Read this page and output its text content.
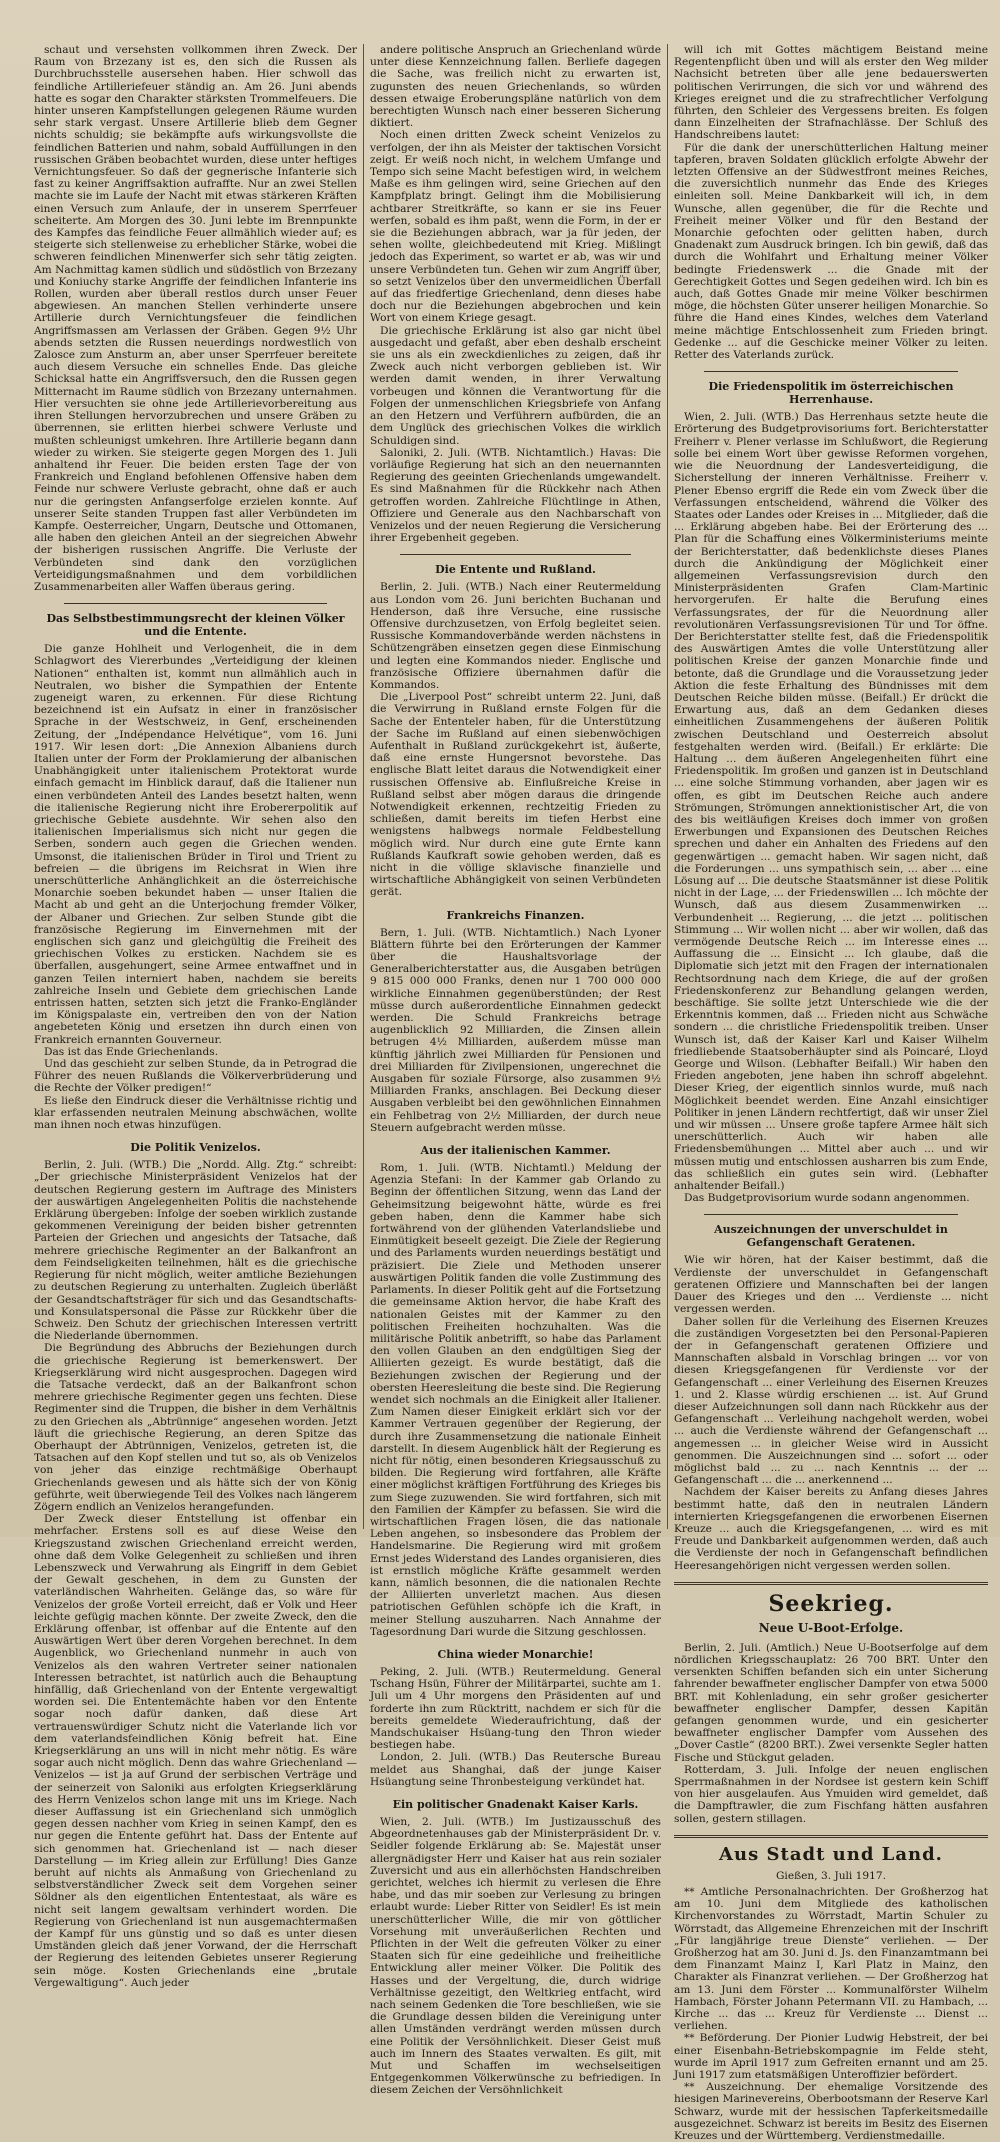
schaut und versehsten vollkommen ihren Zweck. Der Raum von Brzezany ist es, den sich die Russen als Durchbruchsstelle ausersehen haben. Hier schwoll das feindliche Artilleriefeuer ständig an. Am 26. Juni abends hatte es sogar den Charakter stärksten Trommelfeuers. Die hinter unseren Kampfstellungen gelegenen Räume wurden sehr stark vergast. Unsere Artillerie blieb dem Gegner nichts schuldig; sie bekämpfte aufs wirkungsvollste die feindlichen Batterien und nahm, sobald Auffüllungen in den russischen Gräben beobachtet wurden, diese unter heftiges Vernichtungsfeuer. So daß der gegnerische Infanterie sich fast zu keiner Angriffsaktion aufraffte. Nur an zwei Stellen machte sie im Laufe der Nacht mit etwas stärkeren Kräften einen Versuch zum Anlaufe, der in unserem Sperrfeuer scheiterte. Am Morgen des 30. Juni lebte im Brennpunkte des Kampfes das feindliche Feuer allmählich wieder auf; es steigerte sich stellenweise zu erheblicher Stärke, wobei die schweren feindlichen Minenwerfer sich sehr tätig zeigten. Am Nachmittag kamen südlich und südöstlich von Brzezany und Koniuchy starke Angriffe der feindlichen Infanterie ins Rollen, wurden aber überall restlos durch unser Feuer abgewiesen. An manchen Stellen verhinderte unsere Artillerie durch Vernichtungsfeuer die feindlichen Angriffsmassen am Verlassen der Gräben. Gegen 9½ Uhr abends setzten die Russen neuerdings nordwestlich von Zalosce zum Ansturm an, aber unser Sperrfeuer bereitete auch diesem Versuche ein schnelles Ende. Das gleiche Schicksal hatte ein Angriffsversuch, den die Russen gegen Mitternacht im Raume südlich von Brzezany unternahmen. Hier versuchten sie ohne jede Artillerievorbereitung aus ihren Stellungen hervorzubrechen und unsere Gräben zu überrennen, sie erlitten hierbei schwere Verluste und mußten schleunigst umkehren. Ihre Artillerie begann dann wieder zu wirken. Sie steigerte gegen Morgen des 1. Juli anhaltend ihr Feuer. Die beiden ersten Tage der von Frankreich und England befohlenen Offensive haben dem Feinde nur schwere Verluste gebracht, ohne daß er auch nur die geringsten Anfangserfolge erzielen konnte. Auf unserer Seite standen Truppen fast aller Verbündeten im Kampfe. Oesterreicher, Ungarn, Deutsche und Ottomanen, alle haben den gleichen Anteil an der siegreichen Abwehr der bisherigen russischen Angriffe. Die Verluste der Verbündeten sind dank den vorzüglichen Verteidigungsmaßnahmen und dem vorbildlichen Zusammenarbeiten aller Waffen überaus gering.

Das Selbstbestimmungsrecht der kleinen Völker und die Entente.

Die ganze Hohlheit und Verlogenheit, die in dem Schlagwort des Viererbundes „Verteidigung der kleinen Nationen“ enthalten ist, kommt nun allmählich auch in Neutralen, wo bisher die Sympathien der Entente zugeneigt waren, zu erkennen. Für diese Richtung bezeichnend ist ein Aufsatz in einer in französischer Sprache in der Westschweiz, in Genf, erscheinenden Zeitung, der „Indépendance Helvétique“, vom 16. Juni 1917. Wir lesen dort: „Die Annexion Albaniens durch Italien unter der Form der Proklamierung der albanischen Unabhängigkeit unter italienischem Protektorat wurde einfach gemacht im Hinblick darauf, daß die Italiener nun einen verbündeten Anteil des Landes besetzt halten, wenn die italienische Regierung nicht ihre Erobererpolitik auf griechische Gebiete ausdehnte. Wir sehen also den italienischen Imperialismus sich nicht nur gegen die Serben, sondern auch gegen die Griechen wenden. Umsonst, die italienischen Brüder in Tirol und Trient zu befreien — die übrigens im Reichsrat in Wien ihre unerschütterliche Anhänglichkeit an die österreichische Monarchie soeben bekundet haben — unser Italien die Macht ab und geht an die Unterjochung fremder Völker, der Albaner und Griechen. Zur selben Stunde gibt die französische Regierung im Einvernehmen mit der englischen sich ganz und gleichgültig die Freiheit des griechischen Volkes zu ersticken. Nachdem sie es überfallen, ausgehungert, seine Armee entwaffnet und in ganzen Teilen interniert haben, nachdem sie bereits zahlreiche Inseln und Gebiete dem griechischen Lande entrissen hatten, setzten sich jetzt die Franko-Engländer im Königspalaste ein, vertreiben den von der Nation angebeteten König und ersetzen ihn durch einen von Frankreich ernannten Gouverneur.

Das ist das Ende Griechenlands.

Und das geschieht zur selben Stunde, da in Petrograd die Führer des neuen Rußlands die Völkerverbrüderung und die Rechte der Völker predigen!“

Es ließe den Eindruck dieser die Verhältnisse richtig und klar erfassenden neutralen Meinung abschwächen, wollte man ihnen noch etwas hinzufügen.

Die Politik Venizelos.

Berlin, 2. Juli. (WTB.) Die „Nordd. Allg. Ztg.“ schreibt: „Der griechische Ministerpräsident Venizelos hat der deutschen Regierung gestern im Auftrage des Ministers der auswärtigen Angelegenheiten Politis die nachstehende Erklärung übergeben: Infolge der soeben wirklich zustande gekommenen Vereinigung der beiden bisher getrennten Parteien der Griechen und angesichts der Tatsache, daß mehrere griechische Regimenter an der Balkanfront an dem Feindseligkeiten teilnehmen, hält es die griechische Regierung für nicht möglich, weiter amtliche Beziehungen zu deutschen Regierung zu unterhalten. Zugleich überläßt der Gesandtschaftsträger für sich und das Gesandtschafts- und Konsulatspersonal die Pässe zur Rückkehr über die Schweiz. Den Schutz der griechischen Interessen vertritt die Niederlande übernommen.

Die Begründung des Abbruchs der Beziehungen durch die griechische Regierung ist bemerkenswert. Der Kriegserklärung wird nicht ausgesprochen. Dagegen wird die Tatsache verdeckt, daß an der Balkanfront schon mehrere griechische Regimenter gegen uns fechten. Diese Regimenter sind die Truppen, die bisher in dem Verhältnis zu den Griechen als „Abtrünnige“ angesehen worden. Jetzt läuft die griechische Regierung, an deren Spitze das Oberhaupt der Abtrünnigen, Venizelos, getreten ist, die Tatsachen auf den Kopf stellen und tut so, als ob Venizelos von jeher das einzige rechtmäßige Oberhaupt Griechenlands gewesen und als hätte sich der von König geführte, weit überwiegende Teil des Volkes nach längerem Zögern endlich an Venizelos herangefunden.

Der Zweck dieser Entstellung ist offenbar ein mehrfacher. Erstens soll es auf diese Weise den Kriegszustand zwischen Griechenland erreicht werden, ohne daß dem Volke Gelegenheit zu schließen und ihren Lebenszweck und Verwahrung als Eingriff in dem Gebiet der Gewalt geschehen, in dem zu Gunsten der vaterländischen Wahrheiten. Gelänge das, so wäre für Venizelos der große Vorteil erreicht, daß er Volk und Heer leichte gefügig machen könnte. Der zweite Zweck, den die Erklärung offenbar, ist offenbar auf die Entente auf den Auswärtigen Wert über deren Vorgehen berechnet. In dem Augenblick, wo Griechenland nunmehr in auch von Venizelos als den wahren Vertreter seiner nationalen Interessen betrachtet, ist natürlich auch die Behauptung hinfällig, daß Griechenland von der Entente vergewaltigt worden sei. Die Ententemächte haben vor den Entente sogar noch dafür danken, daß diese Art vertrauenswürdiger Schutz nicht die Vaterlande lich vor dem vaterlandsfeindlichen König befreit hat. Eine Kriegserklärung an uns will in nicht mehr nötig. Es wäre sogar auch nicht möglich. Denn das wahre Griechenland — Venizelos — ist ja auf Grund der serbischen Verträge und der seinerzeit von Saloniki aus erfolgten Kriegserklärung des Herrn Venizelos schon lange mit uns im Kriege. Nach dieser Auffassung ist ein Griechenland sich unmöglich gegen dessen nachher vom Krieg in seinen Kampf, den es nur gegen die Entente geführt hat. Dass der Entente auf sich genommen hat. Griechenland ist — nach dieser Darstellung — im Krieg allein zur Erfüllung! Dies Ganze beruht auf nichts als Anmaßung von Griechenland zu selbstverständlicher Zweck seit dem Vorgehen seiner Söldner als den eigentlichen Ententestaat, als wäre es nicht seit langem gewaltsam verhindert worden. Die Regierung von Griechenland ist nun ausgemachtermaßen der Kampf für uns günstig und so daß es unter diesen Umständen gleich daß jener Vorwand, der die Herrschaft der Regierung des leitenden Gebietes unserer Regierung sein möge. Kosten Griechenlands eine „brutale Vergewaltigung“. Auch jeder

andere politische Anspruch an Griechenland würde unter diese Kennzeichnung fallen. Berliefe dagegen die Sache, was freilich nicht zu erwarten ist, zugunsten des neuen Griechenlands, so würden dessen etwaige Eroberungspläne natürlich von dem berechtigten Wunsch nach einer besseren Sicherung diktiert.

Noch einen dritten Zweck scheint Venizelos zu verfolgen, der ihn als Meister der taktischen Vorsicht zeigt. Er weiß noch nicht, in welchem Umfange und Tempo sich seine Macht befestigen wird, in welchem Maße es ihm gelingen wird, seine Griechen auf den Kampfplatz bringt. Gelingt ihm die Mobilisierung achtbarer Streitkräfte, so kann er sie ins Feuer werfen, sobald es ihm paßt, wenn die Form, in der er sie die Beziehungen abbrach, war ja für jeden, der sehen wollte, gleichbedeutend mit Krieg. Mißlingt jedoch das Experiment, so wartet er ab, was wir und unsere Verbündeten tun. Gehen wir zum Angriff über, so setzt Venizelos über den unvermeidlichen Überfall auf das friedfertige Griechenland, denn dieses habe doch nur die Beziehungen abgebrochen und kein Wort von einem Kriege gesagt.

Die griechische Erklärung ist also gar nicht übel ausgedacht und gefaßt, aber eben deshalb erscheint sie uns als ein zweckdienliches zu zeigen, daß ihr Zweck auch nicht verborgen geblieben ist. Wir werden damit wenden, in ihrer Verwaltung vorbeugen und können die Verantwortung für die Folgen der unmenschlichen Kriegsbriefe von Anfang an den Hetzern und Verführern aufbürden, die an dem Unglück des griechischen Volkes die wirklich Schuldigen sind.

Saloniki, 2. Juli. (WTB. Nichtamtlich.) Havas: Die vorläufige Regierung hat sich an den neuernannten Regierung des geeinten Griechenlands umgewandelt. Es sind Maßnahmen für die Rückkehr nach Athen getroffen worden. Zahlreiche Flüchtlinge in Athen, Offiziere und Generale aus den Nachbarschaft von Venizelos und der neuen Regierung die Versicherung ihrer Ergebenheit gegeben.

Die Entente und Rußland.

Berlin, 2. Juli. (WTB.) Nach einer Reutermeldung aus London vom 26. Juni berichten Buchanan und Henderson, daß ihre Versuche, eine russische Offensive durchzusetzen, von Erfolg begleitet seien. Russische Kommandoverbände werden nächstens in Schützengräben einsetzen gegen diese Einmischung und legten eine Kommandos nieder. Englische und französische Offiziere übernahmen dafür die Kommandos.

Die „Liverpool Post“ schreibt unterm 22. Juni, daß die Verwirrung in Rußland ernste Folgen für die Sache der Ententeler haben, für die Unterstützung der Sache im Rußland auf einen siebenwöchigen Aufenthalt in Rußland zurückgekehrt ist, äußerte, daß eine ernste Hungersnot bevorstehe. Das englische Blatt leitet daraus die Notwendigkeit einer russischen Offensive ab. Einflußreiche Kreise in Rußland selbst aber mögen daraus die dringende Notwendigkeit erkennen, rechtzeitig Frieden zu schließen, damit bereits im tiefen Herbst eine wenigstens halbwegs normale Feldbestellung möglich wird. Nur durch eine gute Ernte kann Rußlands Kaufkraft sowie gehoben werden, daß es nicht in die völlige sklavische finanzielle und wirtschaftliche Abhängigkeit von seinen Verbündeten gerät.

Frankreichs Finanzen.

Bern, 1. Juli. (WTB. Nichtamtlich.) Nach Lyoner Blättern führte bei den Erörterungen der Kammer über die Haushaltsvorlage der Generalberichterstatter aus, die Ausgaben betrügen 9 815 000 000 Franks, denen nur 1 700 000 000 wirkliche Einnahmen gegenüberstünden; der Rest müsse durch außerordentliche Einnahmen gedeckt werden. Die Schuld Frankreichs betrage augenblicklich 92 Milliarden, die Zinsen allein betrugen 4½ Milliarden, außerdem müsse man künftig jährlich zwei Milliarden für Pensionen und drei Milliarden für Zivilpensionen, ungerechnet die Ausgaben für soziale Fürsorge, also zusammen 9½ Milliarden Franks, anschlagen. Bei Deckung dieser Ausgaben verbleibt bei den gewöhnlichen Einnahmen ein Fehlbetrag von 2½ Milliarden, der durch neue Steuern aufgebracht werden müsse.

Aus der italienischen Kammer.

Rom, 1. Juli. (WTB. Nichtamtl.) Meldung der Agenzia Stefani: In der Kammer gab Orlando zu Beginn der öffentlichen Sitzung, wenn das Land der Geheimsitzung beigewohnt hätte, würde es frei geben haben, denn die Kammer habe sich fortwährend von der glühenden Vaterlandsliebe und Einmütigkeit beseelt gezeigt. Die Ziele der Regierung und des Parlaments wurden neuerdings bestätigt und präzisiert. Die Ziele und Methoden unserer auswärtigen Politik fanden die volle Zustimmung des Parlaments. In dieser Politik geht auf die Fortsetzung die gemeinsame Aktion hervor, die habe Kraft des nationalen Geistes mit der Kammer zu den politischen Freiheiten hochzuhalten. Was die militärische Politik anbetrifft, so habe das Parlament den vollen Glauben an den endgültigen Sieg der Alliierten gezeigt. Es wurde bestätigt, daß die Beziehungen zwischen der Regierung und der obersten Heeresleitung die beste sind. Die Regierung wendet sich nochmals an die Einigkeit aller Italiener. Zum Namen dieser Einigkeit erklärt sich vor der Kammer Vertrauen gegenüber der Regierung, der durch ihre Zusammensetzung die nationale Einheit darstellt. In diesem Augenblick hält der Regierung es nicht für nötig, einen besonderen Kriegsausschuß zu bilden. Die Regierung wird fortfahren, alle Kräfte einer möglichst kräftigen Fortführung des Krieges bis zum Siege zuzuwenden. Sie wird fortfahren, sich mit den Familien der Kämpfer zu befassen. Sie wird die wirtschaftlichen Fragen lösen, die das nationale Leben angehen, so insbesondere das Problem der Handelsmarine. Die Regierung wird mit großem Ernst jedes Widerstand des Landes organisieren, dies ist ernstlich mögliche Kräfte gesammelt werden kann, nämlich besonnen, die die nationalen Rechte der Alliierten unverletzt machen. Aus diesen patriotischen Gefühlen schöpfe ich die Kraft, in meiner Stellung auszuharren. Nach Annahme der Tagesordnung Dari wurde die Sitzung geschlossen.

China wieder Monarchie!

Peking, 2. Juli. (WTB.) Reutermeldung. General Tschang Hsün, Führer der Militärpartei, suchte am 1. Juli um 4 Uhr morgens den Präsidenten auf und forderte ihn zum Rücktritt, nachdem er sich für die bereits gemeldete Wiederaufrichtung, daß der Mandschukaiser Hsüang-tung den Thron wieder bestiegen habe.

London, 2. Juli. (WTB.) Das Reutersche Bureau meldet aus Shanghai, daß der junge Kaiser Hsüangtung seine Thronbesteigung verkündet hat.

Ein politischer Gnadenakt Kaiser Karls.

Wien, 2. Juli. (WTB.) Im Justizausschuß des Abgeordnetenhauses gab der Ministerpräsident Dr. v. Seidler folgende Erklärung ab: Se. Majestät unser allergnädigster Herr und Kaiser hat aus rein sozialer Zuversicht und aus ein allerhöchsten Handschreiben gerichtet, welches ich hiermit zu verlesen die Ehre habe, und das mir soeben zur Verlesung zu bringen erlaubt wurde: Lieber Ritter von Seidler! Es ist mein unerschütterlicher Wille, die mir von göttlicher Vorsehung mit unveräußerlichen Rechten und Pflichten in der Welt die gefreuten Völker zu einer Staaten sich für eine gedeihliche und freiheitliche Entwicklung aller meiner Völker. Die Politik des Hasses und der Vergeltung, die, durch widrige Verhältnisse gezeitigt, den Weltkrieg entfacht, wird nach seinem Gedenken die Tore beschließen, wie sie die Grundlage dessen bilden die Vereinigung unter allen Umständen verdrängt werden müssen durch eine Politik der Versöhnlichkeit. Dieser Geist muß auch im Innern des Staates verwalten. Es gilt, mit Mut und Schaffen im wechselseitigen Entgegenkommen Völkerwünsche zu befriedigen. In diesem Zeichen der Versöhnlichkeit

will ich mit Gottes mächtigem Beistand meine Regentenpflicht üben und will als erster den Weg milder Nachsicht betreten über alle jene bedauerswerten politischen Verirrungen, die sich vor und während des Krieges ereignet und die zu strafrechtlicher Verfolgung führten, den Schleier des Vergessens breiten. Es folgen dann Einzelheiten der Strafnachlässe. Der Schluß des Handschreibens lautet:

Für die dank der unerschütterlichen Haltung meiner tapferen, braven Soldaten glücklich erfolgte Abwehr der letzten Offensive an der Südwestfront meines Reiches, die zuversichtlich nunmehr das Ende des Krieges einleiten soll. Meine Dankbarkeit will ich, in dem Wunsche, allen gegenüber, die für die Rechte und Freiheit meiner Völker und für den Bestand der Monarchie gefochten oder gelitten haben, durch Gnadenakt zum Ausdruck bringen. Ich bin gewiß, daß das durch die Wohlfahrt und Erhaltung meiner Völker bedingte Friedenswerk ... die Gnade mit der Gerechtigkeit Gottes und Segen gedeihen wird. Ich bin es auch, daß Gottes Gnade mir meine Völker beschirmen möge, die höchsten Güter unserer heiligen Monarchie. So führe die Hand eines Kindes, welches dem Vaterland meine mächtige Entschlossenheit zum Frieden bringt. Gedenke ... auf die Geschicke meiner Völker zu leiten. Retter des Vaterlands zurück.

Die Friedenspolitik im österreichischen Herrenhause.

Wien, 2. Juli. (WTB.) Das Herrenhaus setzte heute die Erörterung des Budgetprovisoriums fort. Berichterstatter Freiherr v. Plener verlasse im Schlußwort, die Regierung solle bei einem Wort über gewisse Reformen vorgehen, wie die Neuordnung der Landesverteidigung, die Sicherstellung der inneren Verhältnisse. Freiherr v. Plener Ebenso ergriff die Rede ein vom Zweck über die Verfassungen entscheidend, während die Völker des Staates oder Landes oder Kreises in ... Mitglieder, daß die ... Erklärung abgeben habe. Bei der Erörterung des ... Plan für die Schaffung eines Völkerministeriums meinte der Berichterstatter, daß bedenklichste dieses Planes durch die Ankündigung der Möglichkeit einer allgemeinen Verfassungsrevision durch den Ministerpräsidenten Grafen Clam-Martinic hervorgerufen. Er halte die Berufung eines Verfassungsrates, der für die Neuordnung aller revolutionären Verfassungsrevisionen Tür und Tor öffne. Der Berichterstatter stellte fest, daß die Friedenspolitik des Auswärtigen Amtes die volle Unterstützung aller politischen Kreise der ganzen Monarchie finde und betonte, daß die Grundlage und die Voraussetzung jeder Aktion die feste Erhaltung des Bündnisses mit dem Deutschen Reiche bilden müsse. (Beifall.) Er drückt die Erwartung aus, daß an dem Gedanken dieses einheitlichen Zusammengehens der äußeren Politik zwischen Deutschland und Oesterreich absolut festgehalten werden wird. (Beifall.) Er erklärte: Die Haltung ... dem äußeren Angelegenheiten führt eine Friedenspolitik. Im großen und ganzen ist in Deutschland ... eine solche Stimmung vorhanden, aber jagen wir es offen, es gibt im Deutschen Reiche auch andere Strömungen, Strömungen annektionistischer Art, die von des bis weitläufigen Kreises doch immer von großen Erwerbungen und Expansionen des Deutschen Reiches sprechen und daher ein Anhalten des Friedens auf den gegenwärtigen ... gemacht haben. Wir sagen nicht, daß die Forderungen ... uns sympathisch sein, ... aber ... eine Lösung auf ... Die deutsche Staatsmänner ist diese Politik nicht in der Lage, ... der Friedenswillen ... Ich möchte der Wunsch, daß aus diesem Zusammenwirken ... Verbundenheit ... Regierung, ... die jetzt ... politischen Stimmung ... Wir wollen nicht ... aber wir wollen, daß das vermögende Deutsche Reich ... im Interesse eines ... Auffassung die ... Einsicht ... Ich glaube, daß die Diplomatie sich jetzt mit den Fragen der internationalen Rechtsordnung nach dem Kriege, die auf der großen Friedenskonferenz zur Behandlung gelangen werden, beschäftige. Sie sollte jetzt Unterschiede wie die der Erkenntnis kommen, daß ... Frieden nicht aus Schwäche sondern ... die christliche Friedenspolitik treiben. Unser Wunsch ist, daß der Kaiser Karl und Kaiser Wilhelm friedliebende Staatsoberhäupter sind als Poincaré, Lloyd George und Wilson. (Lebhafter Beifall.) Wir haben den Frieden angeboten, jene haben ihn schroff abgelehnt. Dieser Krieg, der eigentlich sinnlos wurde, muß nach Möglichkeit beendet werden. Eine Anzahl einsichtiger Politiker in jenen Ländern rechtfertigt, daß wir unser Ziel und wir müssen ... Unsere große tapfere Armee hält sich unerschütterlich. Auch wir haben alle Friedensbemühungen ... Mittel aber auch ... und wir müssen mutig und entschlossen ausharren bis zum Ende, das schließlich ein gutes sein wird. (Lebhafter anhaltender Beifall.)

Das Budgetprovisorium wurde sodann angenommen.

Auszeichnungen der unverschuldet in Gefangenschaft Geratenen.

Wie wir hören, hat der Kaiser bestimmt, daß die Verdienste der unverschuldet in Gefangenschaft geratenen Offiziere und Mannschaften bei der langen Dauer des Krieges und den ... Verdienste ... nicht vergessen werden.

Daher sollen für die Verleihung des Eisernen Kreuzes die zuständigen Vorgesetzten bei den Personal-Papieren der in Gefangenschaft geratenen Offiziere und Mannschaften alsbald in Vorschlag bringen ... vor von diesen Kriegsgefangenen für Verdienste vor der Gefangenschaft ... einer Verleihung des Eisernen Kreuzes 1. und 2. Klasse würdig erschienen ... ist. Auf Grund dieser Aufzeichnungen soll dann nach Rückkehr aus der Gefangenschaft ... Verleihung nachgeholt werden, wobei ... auch die Verdienste während der Gefangenschaft ... angemessen ... in gleicher Weise wird in Aussicht genommen. Die Auszeichnungen sind ... sofort ... oder möglichst bald ... zu ... nach Kenntnis ... der ... Gefangenschaft ... die ... anerkennend ...

Nachdem der Kaiser bereits zu Anfang dieses Jahres bestimmt hatte, daß den in neutralen Ländern internierten Kriegsgefangenen die erworbenen Eisernen Kreuze ... auch die Kriegsgefangenen, ... wird es mit Freude und Dankbarkeit aufgenommen werden, daß auch die Verdienste der noch in Gefangenschaft befindlichen Heeresangehörigen nicht vergessen werden sollen.

Seekrieg.
Neue U-Boot-Erfolge.

Berlin, 2. Juli. (Amtlich.) Neue U-Bootserfolge auf dem nördlichen Kriegsschauplatz: 26 700 BRT. Unter den versenkten Schiffen befanden sich ein unter Sicherung fahrender bewaffneter englischer Dampfer von etwa 5000 BRT. mit Kohlenladung, ein sehr großer gesicherter bewaffneter englischer Dampfer, dessen Kapitän gefangen genommen wurde, und ein gesicherter bewaffneter englischer Dampfer vom Aussehen des „Dover Castle“ (8200 BRT.). Zwei versenkte Segler hatten Fische und Stückgut geladen.

Rotterdam, 3. Juli. Infolge der neuen englischen Sperrmaßnahmen in der Nordsee ist gestern kein Schiff von hier ausgelaufen. Aus Ymuiden wird gemeldet, daß die Dampftrawler, die zum Fischfang hätten ausfahren sollen, gestern stillagen.

Aus Stadt und Land.
Gießen, 3. Juli 1917.

** Amtliche Personalnachrichten. Der Großherzog hat am 10. Juni dem Mitgliede des katholischen Kirchenvorstandes zu Wörrstadt, Martin Schuler zu Wörrstadt, das Allgemeine Ehrenzeichen mit der Inschrift „Für langjährige treue Dienste“ verliehen. — Der Großherzog hat am 30. Juni d. Js. den Finanzamtmann bei dem Finanzamt Mainz I, Karl Platz in Mainz, den Charakter als Finanzrat verliehen. — Der Großherzog hat am 13. Juni dem Förster ... Kommunalförster Wilhelm Hambach, Förster Johann Petermann VII. zu Hambach, ... Kirche ... das ... Kreuz für Verdienste ... Dienst ... verliehen.

** Beförderung. Der Pionier Ludwig Hebstreit, der bei einer Eisenbahn-Betriebskompagnie im Felde steht, wurde im April 1917 zum Gefreiten ernannt und am 25. Juni 1917 zum etatsmäßigen Unteroffizier befördert.

** Auszeichnung. Der ehemalige Vorsitzende des hiesigen Marinevereins, Oberbootsmann der Reserve Karl Schwarz, wurde mit der hessischen Tapferkeitsmedaille ausgezeichnet. Schwarz ist bereits im Besitz des Eisernen Kreuzes und der Württemberg. Verdienstmedaille.
